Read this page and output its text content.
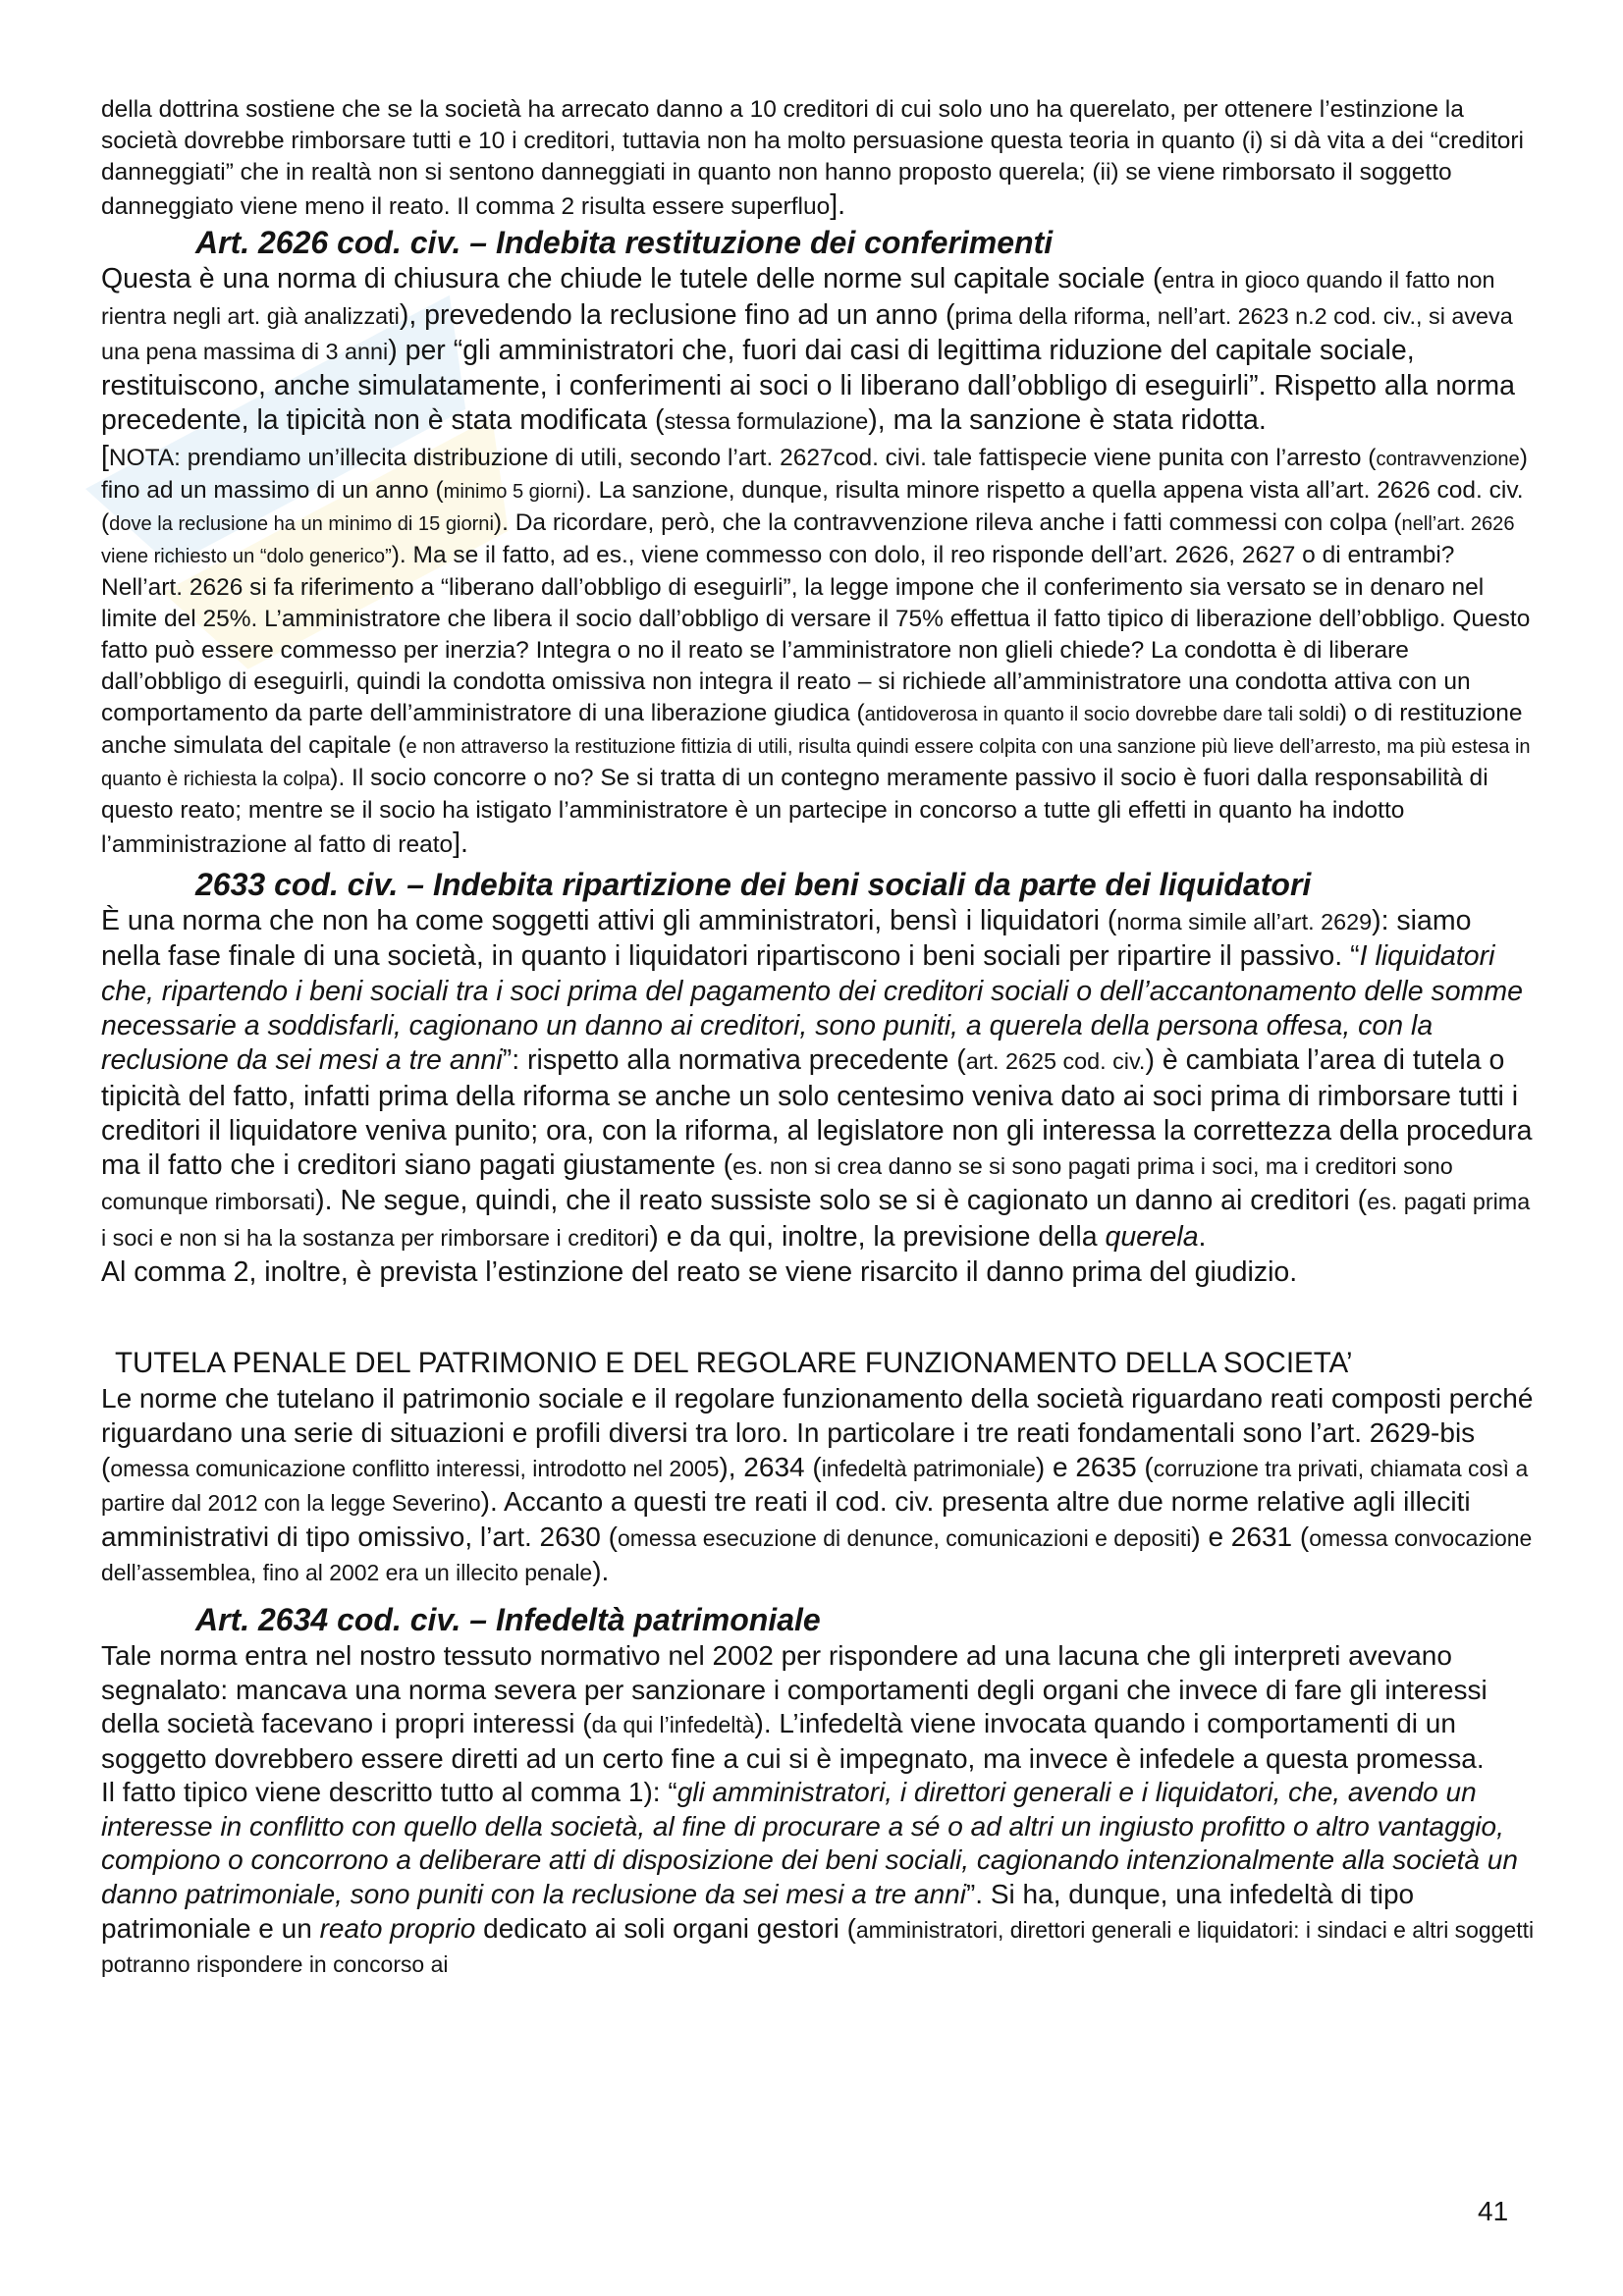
della dottrina sostiene che se la società ha arrecato danno a 10 creditori di cui solo uno ha querelato, per ottenere l’estinzione la società dovrebbe rimborsare tutti e 10 i creditori, tuttavia non ha molto persuasione questa teoria in quanto (i) si dà vita a dei “creditori danneggiati” che in realtà non si sentono danneggiati in quanto non hanno proposto querela; (ii) se viene rimborsato il soggetto danneggiato viene meno il reato. Il comma 2 risulta essere superfluo].

Art. 2626 cod. civ. – Indebita restituzione dei conferimenti

Questa è una norma di chiusura che chiude le tutele delle norme sul capitale sociale (entra in gioco quando il fatto non rientra negli art. già analizzati), prevedendo la reclusione fino ad un anno (prima della riforma, nell’art. 2623 n.2 cod. civ., si aveva una pena massima di 3 anni) per “gli amministratori che, fuori dai casi di legittima riduzione del capitale sociale, restituiscono, anche simulatamente, i conferimenti ai soci o li liberano dall’obbligo di eseguirli”. Rispetto alla norma precedente, la tipicità non è stata modificata (stessa formulazione), ma la sanzione è stata ridotta.

[NOTA: prendiamo un’illecita distribuzione di utili, secondo l’art. 2627cod. civi. tale fattispecie viene punita con l’arresto (contravvenzione) fino ad un massimo di un anno (minimo 5 giorni). La sanzione, dunque, risulta minore rispetto a quella appena vista all’art. 2626 cod. civ. (dove la reclusione ha un minimo di 15 giorni). Da ricordare, però, che la contravvenzione rileva anche i fatti commessi con colpa (nell’art. 2626 viene richiesto un “dolo generico”). Ma se il fatto, ad es., viene commesso con dolo, il reo risponde dell’art. 2626, 2627 o di entrambi? Nell’art. 2626 si fa riferimento a “liberano dall’obbligo di eseguirli”, la legge impone che il conferimento sia versato se in denaro nel limite del 25%. L’amministratore che libera il socio dall’obbligo di versare il 75% effettua il fatto tipico di liberazione dell’obbligo. Questo fatto può essere commesso per inerzia? Integra o no il reato se l’amministratore non glieli chiede? La condotta è di liberare dall’obbligo di eseguirli, quindi la condotta omissiva non integra il reato – si richiede all’amministratore una condotta attiva con un comportamento da parte dell’amministratore di una liberazione giudica (antidoverosa in quanto il socio dovrebbe dare tali soldi) o di restituzione anche simulata del capitale (e non attraverso la restituzione fittizia di utili, risulta quindi essere colpita con una sanzione più lieve dell’arresto, ma più estesa in quanto è richiesta la colpa). Il socio concorre o no? Se si tratta di un contegno meramente passivo il socio è fuori dalla responsabilità di questo reato; mentre se il socio ha istigato l’amministratore è un partecipe in concorso a tutte gli effetti in quanto ha indotto l’amministrazione al fatto di reato].

2633 cod. civ. – Indebita ripartizione dei beni sociali da parte dei liquidatori

È una norma che non ha come soggetti attivi gli amministratori, bensì i liquidatori (norma simile all’art. 2629): siamo nella fase finale di una società, in quanto i liquidatori ripartiscono i beni sociali per ripartire il passivo. “I liquidatori che, ripartendo i beni sociali tra i soci prima del pagamento dei creditori sociali o dell’accantonamento delle somme necessarie a soddisfarli, cagionano un danno ai creditori, sono puniti, a querela della persona offesa, con la reclusione da sei mesi a tre anni”: rispetto alla normativa precedente (art. 2625 cod. civ.) è cambiata l’area di tutela o tipicità del fatto, infatti prima della riforma se anche un solo centesimo veniva dato ai soci prima di rimborsare tutti i creditori il liquidatore veniva punito; ora, con la riforma, al legislatore non gli interessa la correttezza della procedura ma il fatto che i creditori siano pagati giustamente (es. non si crea danno se si sono pagati prima i soci, ma i creditori sono comunque rimborsati). Ne segue, quindi, che il reato sussiste solo se si è cagionato un danno ai creditori (es. pagati prima i soci e non si ha la sostanza per rimborsare i creditori) e da qui, inoltre, la previsione della querela.

Al comma 2, inoltre, è prevista l’estinzione del reato se viene risarcito il danno prima del giudizio.

TUTELA PENALE DEL PATRIMONIO E DEL REGOLARE FUNZIONAMENTO DELLA SOCIETA’

Le norme che tutelano il patrimonio sociale e il regolare funzionamento della società riguardano reati composti perché riguardano una serie di situazioni e profili diversi tra loro. In particolare i tre reati fondamentali sono l’art. 2629-bis (omessa comunicazione conflitto interessi, introdotto nel 2005), 2634 (infedeltà patrimoniale) e 2635 (corruzione tra privati, chiamata così a partire dal 2012 con la legge Severino). Accanto a questi tre reati il cod. civ. presenta altre due norme relative agli illeciti amministrativi di tipo omissivo, l’art. 2630 (omessa esecuzione di denunce, comunicazioni e depositi) e 2631 (omessa convocazione dell’assemblea, fino al 2002 era un illecito penale).

Art. 2634 cod. civ. – Infedeltà patrimoniale

Tale norma entra nel nostro tessuto normativo nel 2002 per rispondere ad una lacuna che gli interpreti avevano segnalato: mancava una norma severa per sanzionare i comportamenti degli organi che invece di fare gli interessi della società facevano i propri interessi (da qui l’infedeltà). L’infedeltà viene invocata quando i comportamenti di un soggetto dovrebbero essere diretti ad un certo fine a cui si è impegnato, ma invece è infedele a questa promessa.

Il fatto tipico viene descritto tutto al comma 1): “gli amministratori, i direttori generali e i liquidatori, che, avendo un interesse in conflitto con quello della società, al fine di procurare a sé o ad altri un ingiusto profitto o altro vantaggio, compiono o concorrono a deliberare atti di disposizione dei beni sociali, cagionando intenzionalmente alla società un danno patrimoniale, sono puniti con la reclusione da sei mesi a tre anni”. Si ha, dunque, una infedeltà di tipo patrimoniale e un reato proprio dedicato ai soli organi gestori (amministratori, direttori generali e liquidatori: i sindaci e altri soggetti potranno rispondere in concorso ai

41
